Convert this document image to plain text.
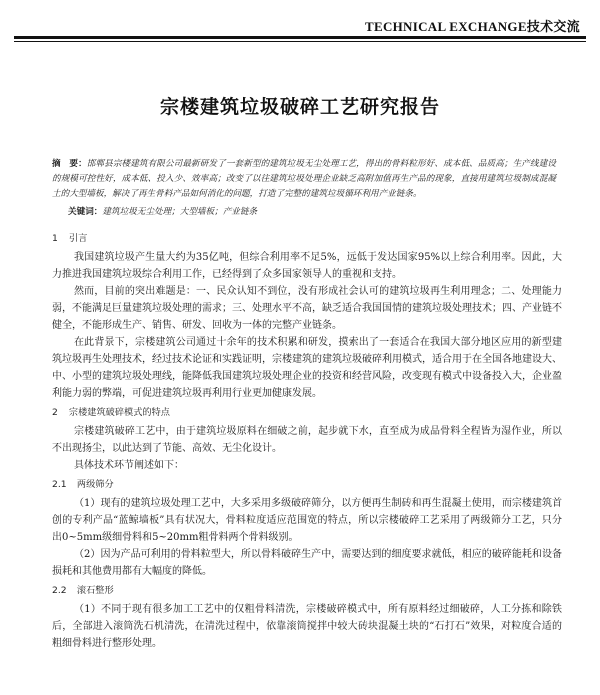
TECHNICAL EXCHANGE技术交流
宗楼建筑垃圾破碎工艺研究报告
摘　要：邯郸县宗楼建筑有限公司最新研发了一套新型的建筑垃圾无尘处理工艺，得出的骨料粒形好、成本低、品质高；生产线建设的规模可控性好，成本低、投入少、效率高；改变了以往建筑垃圾处理企业缺乏高附加值再生产品的现象，直接用建筑垃圾制成混凝土的大型墙板，解决了再生骨料产品如何消化的问题，打造了完整的建筑垃圾循环利用产业链条。
关键词：建筑垃圾无尘处理；大型墙板；产业链条
1 引言

我国建筑垃圾产生量大约为35亿吨，但综合利用率不足5%，远低于发达国家95%以上综合利用率。因此，大力推进我国建筑垃圾综合利用工作，已经得到了众多国家领导人的重视和支持。

然而，目前的突出难题是：一、民众认知不到位，没有形成社会认可的建筑垃圾再生利用理念；二、处理能力弱，不能满足巨量建筑垃圾处理的需求；三、处理水平不高，缺乏适合我国国情的建筑垃圾处理技术；四、产业链不健全，不能形成生产、销售、研发、回收为一体的完整产业链条。

在此背景下，宗楼建筑公司通过十余年的技术积累和研发，摸索出了一套适合在我国大部分地区应用的新型建筑垃圾再生处理技术，经过技术论证和实践证明，宗楼建筑的建筑垃圾破碎利用模式，适合用于在全国各地建设大、中、小型的建筑垃圾处理线，能降低我国建筑垃圾处理企业的投资和经营风险，改变现有模式中设备投入大，企业盈利能力弱的弊端，可促进建筑垃圾再利用行业更加健康发展。

2 宗楼建筑破碎模式的特点

宗楼建筑破碎工艺中，由于建筑垃圾原料在细破之前，起步就下水，直至成为成品骨料全程皆为湿作业，所以不出现扬尘，以此达到了节能、高效、无尘化设计。

具体技术环节阐述如下：

2.1 两级筛分

（1）现有的建筑垃圾处理工艺中，大多采用多级破碎筛分，以方便再生制砖和再生混凝土使用，而宗楼建筑首创的专利产品“蓝鲸墙板”具有状况大，骨料粒度适应范围宽的特点，所以宗楼破碎工艺采用了两级筛分工艺，只分出0~5mm级细骨料和5~20mm粗骨料两个骨料级别。

（2）因为产品可利用的骨料粒型大，所以骨料破碎生产中，需要达到的细度要求就低，相应的破碎能耗和设备损耗和其他费用都有大幅度的降低。

2.2 滚石整形

（1）不同于现有很多加工工艺中的仅粗骨料清洗，宗楼破碎模式中，所有原料经过细破碎，人工分拣和除铁后，全部进入滚筒洗石机清洗，在清洗过程中，依靠滚筒搅拌中较大砖块混凝土块的“石打石”效果，对粒度合适的粗细骨料进行整形处理。
